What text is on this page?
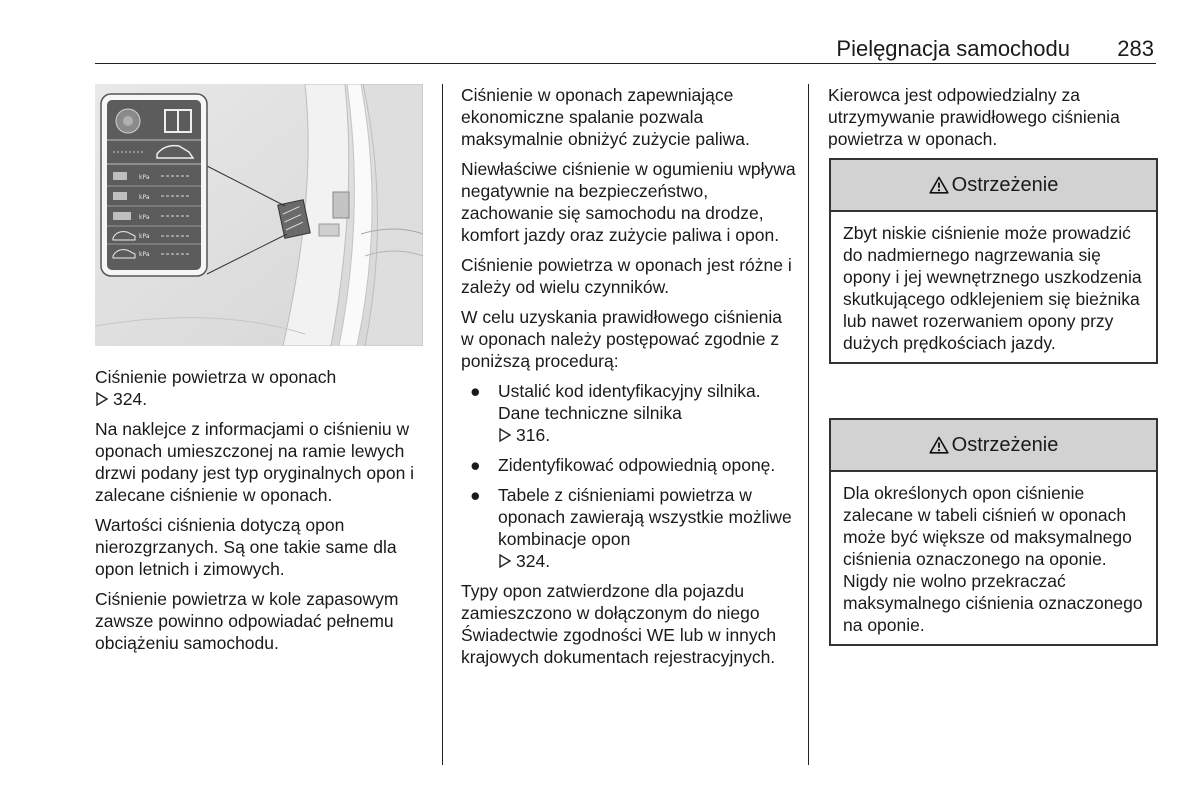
Pielęgnacja samochodu 283
kPa
kPa
kPa
kPa
kPa

Ciśnienie powietrza w oponach
324.

Na naklejce z informacjami o ciśnieniu w oponach umieszczonej na ramie lewych drzwi podany jest typ oryginalnych opon i zalecane ciśnienie w oponach.

Wartości ciśnienia dotyczą opon nierozgrzanych. Są one takie same dla opon letnich i zimowych.

Ciśnienie powietrza w kole zapasowym zawsze powinno odpowiadać pełnemu obciążeniu samochodu.

Ciśnienie w oponach zapewniające ekonomiczne spalanie pozwala maksymalnie obniżyć zużycie paliwa.

Niewłaściwe ciśnienie w ogumieniu wpływa negatywnie na bezpieczeństwo, zachowanie się samochodu na drodze, komfort jazdy oraz zużycie paliwa i opon.

Ciśnienie powietrza w oponach jest różne i zależy od wielu czynników.

W celu uzyskania prawidłowego ciśnienia w oponach należy postępować zgodnie z poniższą procedurą:

● Ustalić kod identyfikacyjny silnika. Dane techniczne silnika
316.
● Zidentyfikować odpowiednią oponę.
● Tabele z ciśnieniami powietrza w oponach zawierają wszystkie możliwe kombinacje opon
324.

Typy opon zatwierdzone dla pojazdu zamieszczono w dołączonym do niego Świadectwie zgodności WE lub w innych krajowych dokumentach rejestracyjnych.

Kierowca jest odpowiedzialny za utrzymywanie prawidłowego ciśnienia powietrza w oponach.

Ostrzeżenie
Zbyt niskie ciśnienie może prowadzić do nadmiernego nagrzewania się opony i jej wewnętrznego uszkodzenia skutkującego odklejeniem się bieżnika lub nawet rozerwaniem opony przy dużych prędkościach jazdy.
Ostrzeżenie
Dla określonych opon ciśnienie zalecane w tabeli ciśnień w oponach może być większe od maksymalnego ciśnienia oznaczonego na oponie. Nigdy nie wolno przekraczać maksymalnego ciśnienia oznaczonego na oponie.
